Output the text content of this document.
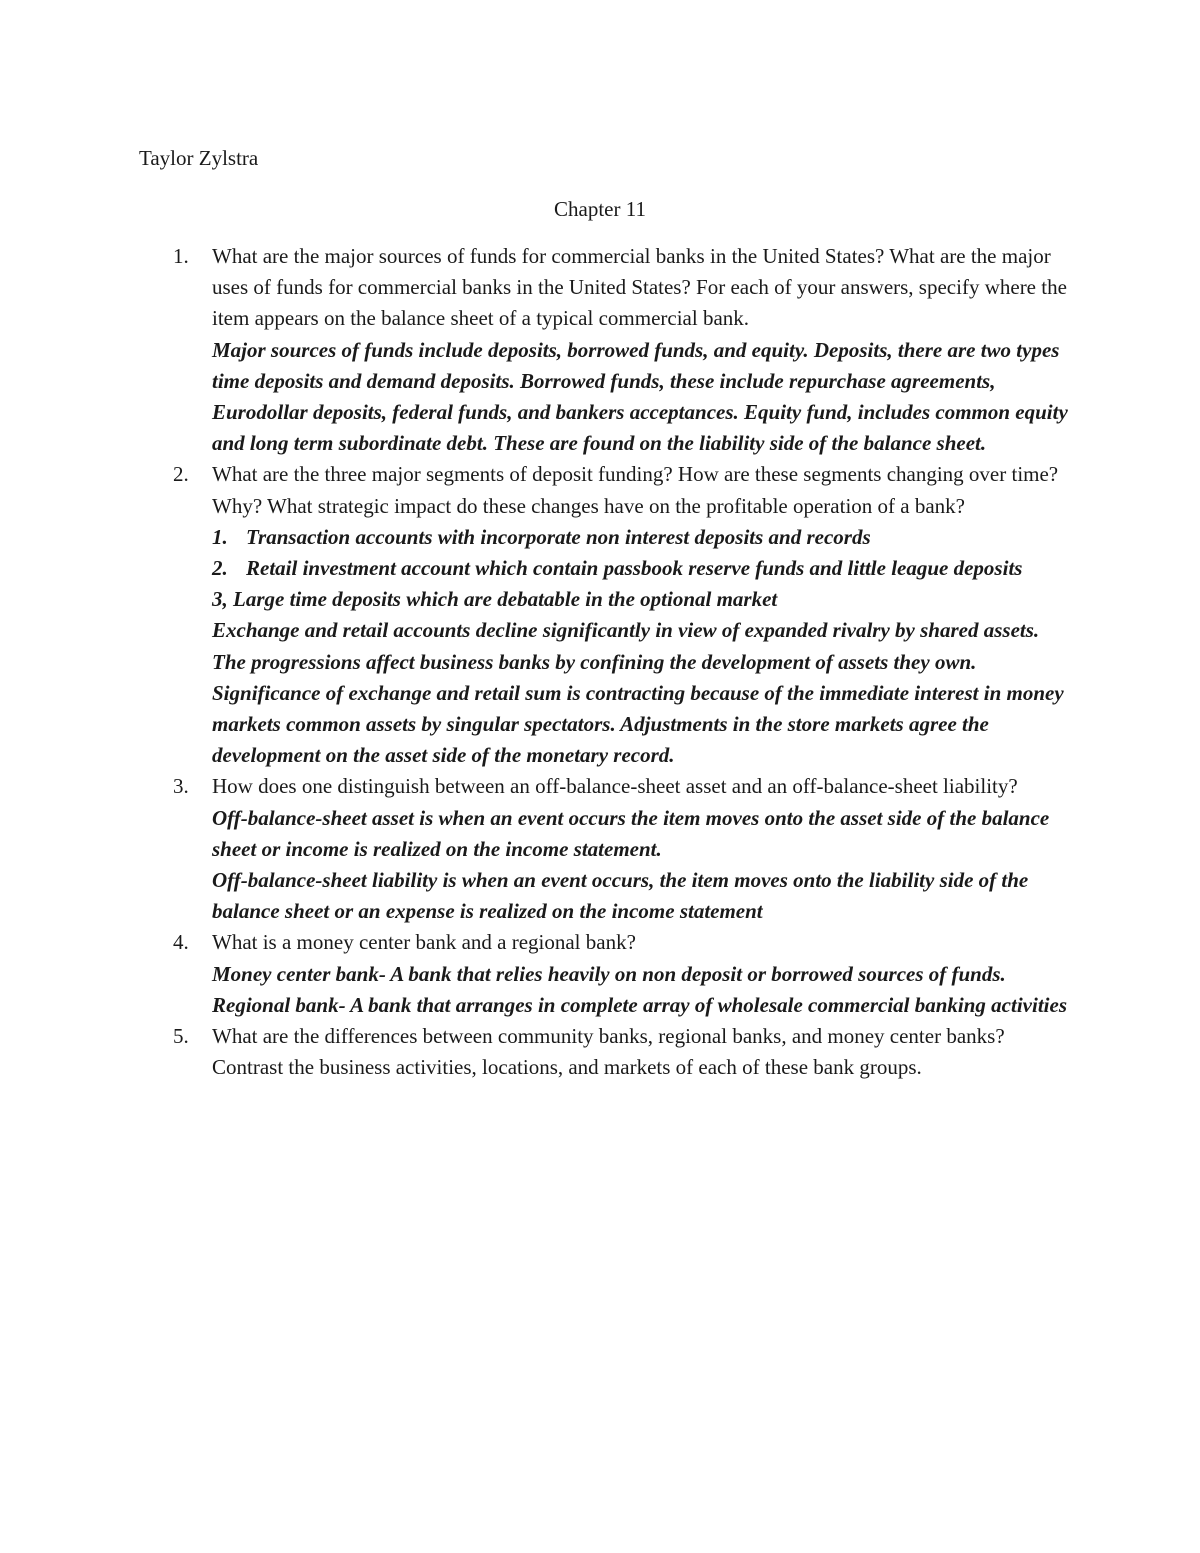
Taylor Zylstra
Chapter 11
1. What are the major sources of funds for commercial banks in the United States? What are the major uses of funds for commercial banks in the United States? For each of your answers, specify where the item appears on the balance sheet of a typical commercial bank.
Major sources of funds include deposits, borrowed funds, and equity. Deposits, there are two types time deposits and demand deposits. Borrowed funds, these include repurchase agreements, Eurodollar deposits, federal funds, and bankers acceptances. Equity fund, includes common equity and long term subordinate debt. These are found on the liability side of the balance sheet.
2. What are the three major segments of deposit funding? How are these segments changing over time? Why? What strategic impact do these changes have on the profitable operation of a bank?
1. Transaction accounts with incorporate non interest deposits and records
2. Retail investment account which contain passbook reserve funds and little league deposits
3, Large time deposits which are debatable in the optional market
Exchange and retail accounts decline significantly in view of expanded rivalry by shared assets. The progressions affect business banks by confining the development of assets they own.
Significance of exchange and retail sum is contracting because of the immediate interest in money markets common assets by singular spectators. Adjustments in the store markets agree the development on the asset side of the monetary record.
3. How does one distinguish between an off-balance-sheet asset and an off-balance-sheet liability?
Off-balance-sheet asset is when an event occurs the item moves onto the asset side of the balance sheet or income is realized on the income statement.
Off-balance-sheet liability is when an event occurs, the item moves onto the liability side of the balance sheet or an expense is realized on the income statement
4. What is a money center bank and a regional bank?
Money center bank- A bank that relies heavily on non deposit or borrowed sources of funds.
Regional bank- A bank that arranges in complete array of wholesale commercial banking activities
5. What are the differences between community banks, regional banks, and money center banks? Contrast the business activities, locations, and markets of each of these bank groups.
